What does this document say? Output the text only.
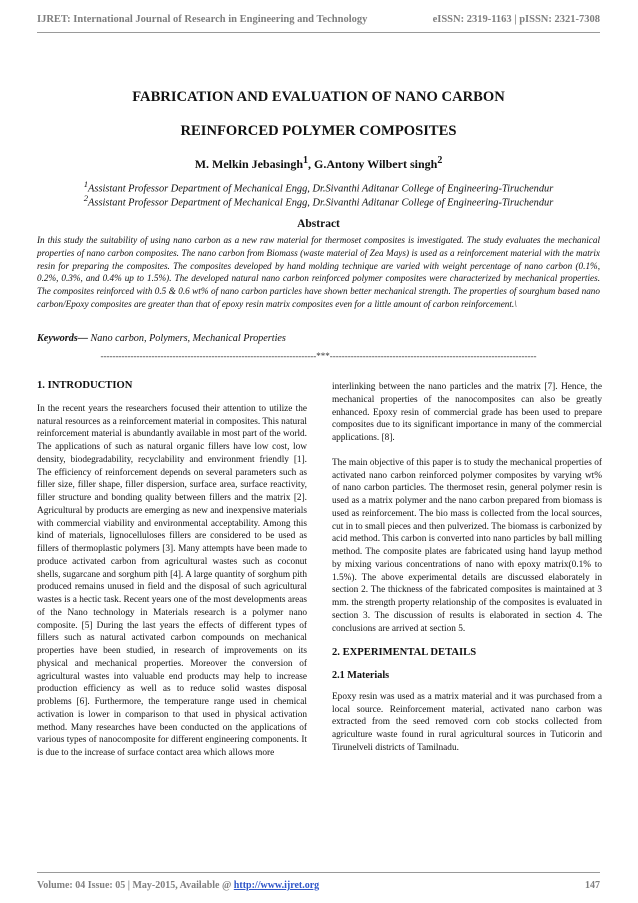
IJRET: International Journal of Research in Engineering and Technology	eISSN: 2319-1163 | pISSN: 2321-7308
FABRICATION AND EVALUATION OF NANO CARBON
REINFORCED POLYMER COMPOSITES
M. Melkin Jebasingh$^1$, G.Antony Wilbert singh$^2$
$^1$Assistant Professor Department of Mechanical Engg, Dr.Sivanthi Aditanar College of Engineering-Tiruchendur
$^2$Assistant Professor Department of Mechanical Engg, Dr.Sivanthi Aditanar College of Engineering-Tiruchendur
Abstract
In this study the suitability of using nano carbon as a new raw material for thermoset composites is investigated. The study evaluates the mechanical properties of nano carbon composites. The nano carbon from Biomass (waste material of Zea Mays) is used as a reinforcement material with the matrix resin for preparing the composites. The composites developed by hand molding technique are varied with weight percentage of nano carbon (0.1%, 0.2%, 0.3%, and 0.4% up to 1.5%). The developed natural nano carbon reinforced polymer composites were characterized by mechanical properties. The composites reinforced with 0.5 & 0.6 wt% of nano carbon particles have shown better mechanical strength. The properties of sourghum based nano carbon/Epoxy composites are greater than that of epoxy resin matrix composites even for a little amount of carbon reinforcement.\
Keywords— Nano carbon, Polymers, Mechanical Properties
------------------------------------------------------------------------***---------------------------------------------------------------------
1. INTRODUCTION

In the recent years the researchers focused their attention to utilize the natural resources as a reinforcement material in composites. This natural reinforcement material is abundantly available in most part of the world. The applications of such as natural organic fillers have low cost, low density, biodegradability, recyclability and environment friendly [1]. The efficiency of reinforcement depends on several parameters such as filler size, filler shape, filler dispersion, surface area, surface reactivity, filler structure and bonding quality between fillers and the matrix [2]. Agricultural by products are emerging as new and inexpensive materials with commercial viability and environmental acceptability. Among this kind of materials, lignocelluloses fillers are considered to be used as fillers of thermoplastic polymers [3]. Many attempts have been made to produce activated carbon from agricultural wastes such as coconut shells, sugarcane and sorghum pith [4]. A large quantity of sorghum pith produced remains unused in field and the disposal of such agricultural wastes is a hectic task. Recent years one of the most developments areas of the Nano technology in Materials research is a polymer nano composite. [5] During the last years the effects of different types of fillers such as natural activated carbon compounds on mechanical properties have been studied, in research of improvements on its physical and mechanical properties. Moreover the conversion of agricultural wastes into valuable end products may help to increase production efficiency as well as to reduce solid wastes disposal problems [6]. Furthermore, the temperature range used in chemical activation is lower in comparison to that used in physical activation method. Many researches have been conducted on the applications of various types of nanocomposite for different engineering components. It is due to the increase of surface contact area which allows more

interlinking between the nano particles and the matrix [7]. Hence, the mechanical properties of the nanocomposites can also be greatly enhanced. Epoxy resin of commercial grade has been used to prepare composites due to its significant importance in many of the commercial applications. [8].

The main objective of this paper is to study the mechanical properties of activated nano carbon reinforced polymer composites by varying wt% of nano carbon particles. The thermoset resin, general polymer resin is used as a matrix polymer and the nano carbon prepared from biomass is used as reinforcement. The bio mass is collected from the local sources, cut in to small pieces and then pulverized. The biomass is carbonized by acid method. This carbon is converted into nano particles by ball milling method. The composite plates are fabricated using hand layup method by mixing various concentrations of nano with epoxy matrix(0.1% to 1.5%). The above experimental details are discussed elaborately in section 2. The thickness of the fabricated composites is maintained at 3 mm. the strength property relationship of the composites is evaluated in section 3. The discussion of results is elaborated in section 4. The conclusions are arrived at section 5.

2. EXPERIMENTAL DETAILS
2.1 Materials

Epoxy resin was used as a matrix material and it was purchased from a local source. Reinforcement material, activated nano carbon was extracted from the seed removed corn cob stocks collected from agriculture waste found in rural agricultural sources in Tuticorin and Tirunelveli districts of Tamilnadu.

Volume: 04 Issue: 05 | May-2015, Available @ http://www.ijret.org	147
